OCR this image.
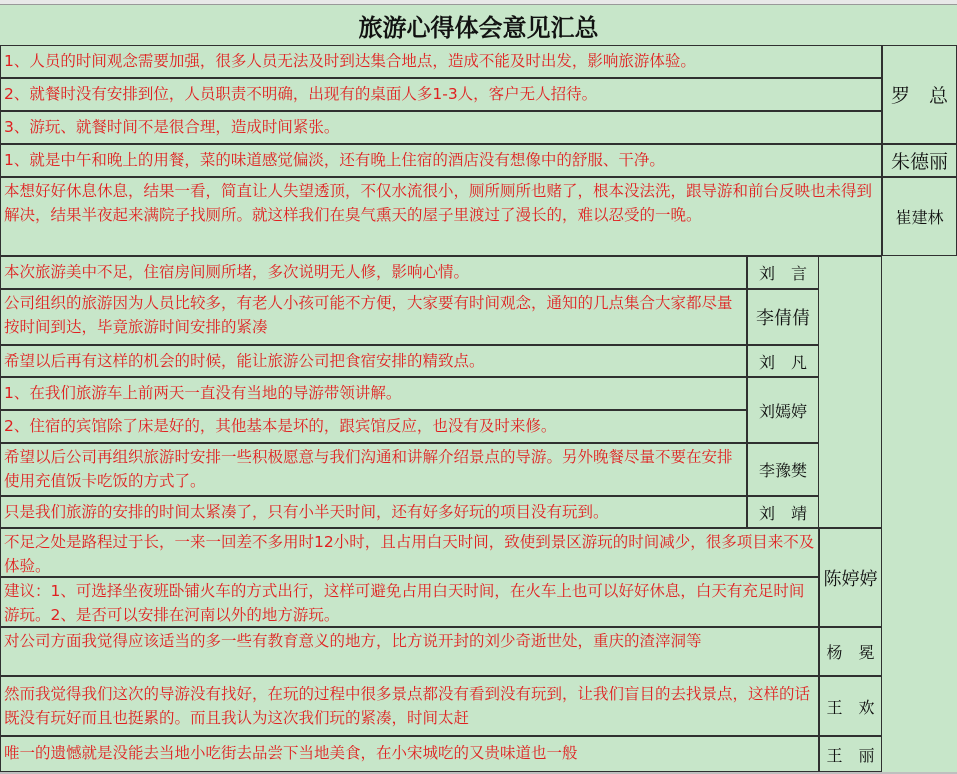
旅游心得体会意见汇总
1、人员的时间观念需要加强，很多人员无法及时到达集合地点，造成不能及时出发，影响旅游体验。
2、就餐时没有安排到位，人员职责不明确，出现有的桌面人多1-3人，客户无人招待。
3、游玩、就餐时间不是很合理，造成时间紧张。
1、就是中午和晚上的用餐，菜的味道感觉偏淡，还有晚上住宿的酒店没有想像中的舒服、干净。
本想好好休息休息，结果一看，简直让人失望透顶，不仅水流很小，厕所厕所也赌了，根本没法洗，跟导游和前台反映也未得到解决，结果半夜起来满院子找厕所。就这样我们在臭气熏天的屋子里渡过了漫长的，难以忍受的一晚。
本次旅游美中不足，住宿房间厕所堵，多次说明无人修，影响心情。
公司组织的旅游因为人员比较多，有老人小孩可能不方便，大家要有时间观念，通知的几点集合大家都尽量按时间到达，毕竟旅游时间安排的紧凑
希望以后再有这样的机会的时候，能让旅游公司把食宿安排的精致点。
1、在我们旅游车上前两天一直没有当地的导游带领讲解。
2、住宿的宾馆除了床是好的，其他基本是坏的，跟宾馆反应，也没有及时来修。
希望以后公司再组织旅游时安排一些积极愿意与我们沟通和讲解介绍景点的导游。另外晚餐尽量不要在安排使用充值饭卡吃饭的方式了。
只是我们旅游的安排的时间太紧凑了，只有小半天时间，还有好多好玩的项目没有玩到。
不足之处是路程过于长，一来一回差不多用时12小时，且占用白天时间，致使到景区游玩的时间减少，很多项目来不及体验。
建议：1、可选择坐夜班卧铺火车的方式出行，这样可避免占用白天时间，在火车上也可以好好休息，白天有充足时间游玩。2、是否可以安排在河南以外的地方游玩。
对公司方面我觉得应该适当的多一些有教育意义的地方，比方说开封的刘少奇逝世处，重庆的渣滓洞等
然而我觉得我们这次的导游没有找好，在玩的过程中很多景点都没有看到没有玩到，让我们盲目的去找景点，这样的话既没有玩好而且也挺累的。而且我认为这次我们玩的紧凑，时间太赶
唯一的遗憾就是没能去当地小吃街去品尝下当地美食，在小宋城吃的又贵味道也一般
罗　总
朱德丽
崔建林
刘　言
李倩倩
刘　凡
刘嫣婷
李豫樊
刘　靖
陈婷婷
杨　冕
王　欢
王　丽
